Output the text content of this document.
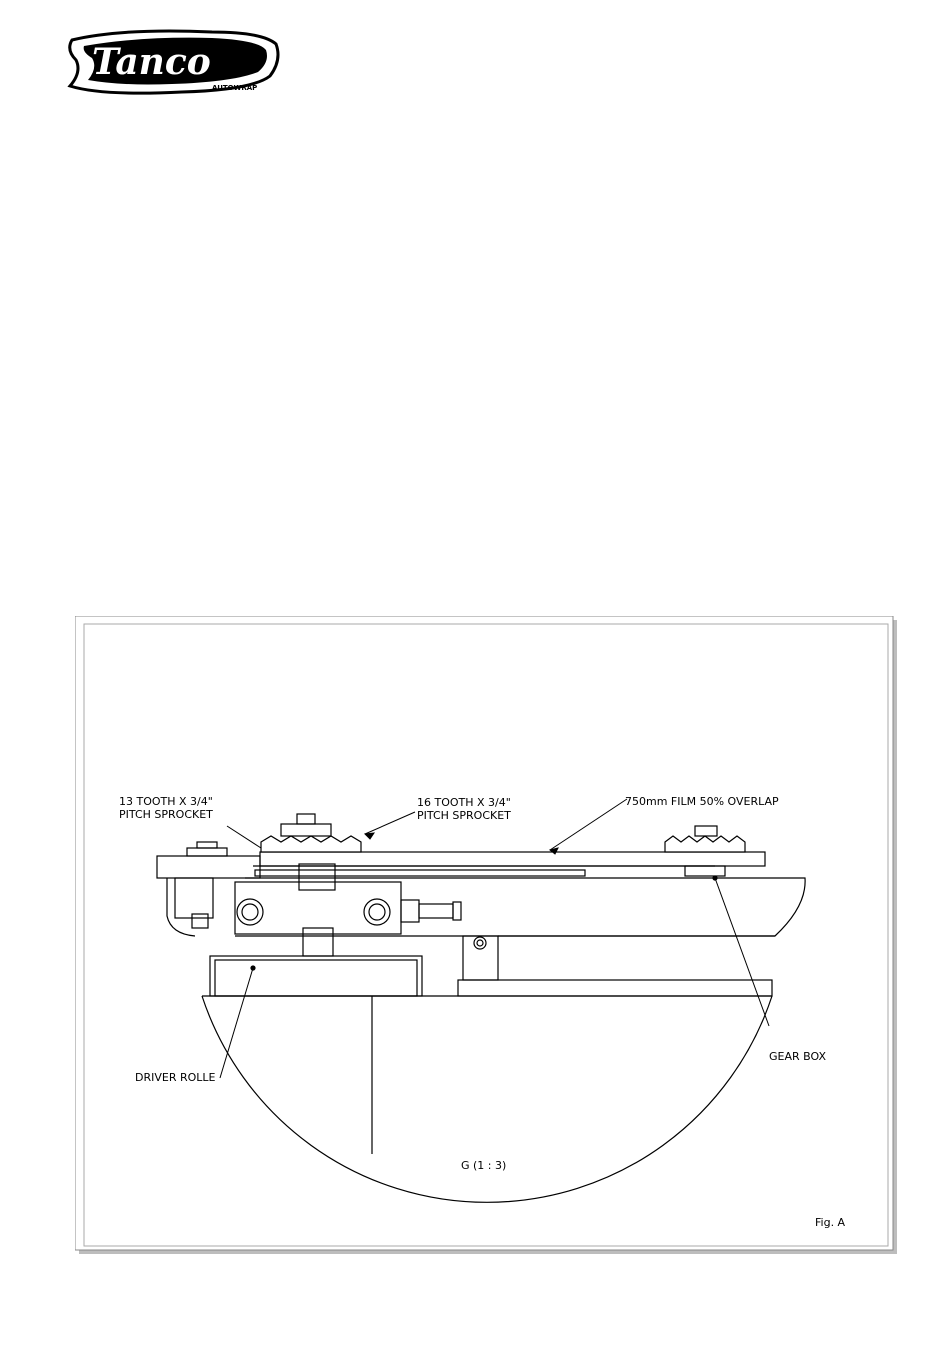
Tanco
AUTOWRAP
13 TOOTH X 3/4"
PITCH SPROCKET
16 TOOTH X 3/4"
PITCH SPROCKET
750mm FILM 50% OVERLAP
GEAR BOX
DRIVER ROLLE
G (1 : 3)
Fig. A
